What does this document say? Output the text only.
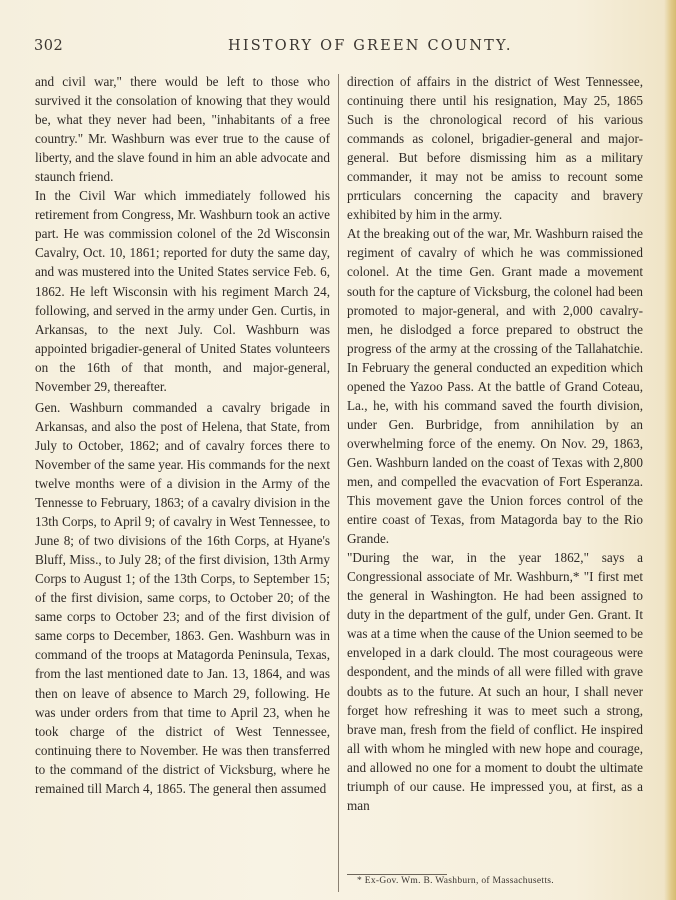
302	HISTORY OF GREEN COUNTY.

and civil war," there would be left to those who survived it the consolation of knowing that they would be, what they never had been, "inhabitants of a free country." Mr. Washburn was ever true to the cause of liberty, and the slave found in him an able advocate and staunch friend.

In the Civil War which immediately followed his retirement from Congress, Mr. Washburn took an active part. He was commission colonel of the 2d Wisconsin Cavalry, Oct. 10, 1861; reported for duty the same day, and was mustered into the United States service Feb. 6, 1862. He left Wisconsin with his regiment March 24, following, and served in the army under Gen. Curtis, in Arkansas, to the next July. Col. Washburn was appointed brigadier-general of United States volunteers on the 16th of that month, and major-general, November 29, thereafter.

Gen. Washburn commanded a cavalry brigade in Arkansas, and also the post of Helena, that State, from July to October, 1862; and of cavalry forces there to November of the same year. His commands for the next twelve months were of a division in the Army of the Tennesse to February, 1863; of a cavalry division in the 13th Corps, to April 9; of cavalry in West Tennessee, to June 8; of two divisions of the 16th Corps, at Hyane's Bluff, Miss., to July 28; of the first division, 13th Army Corps to August 1; of the 13th Corps, to September 15; of the first division, same corps, to October 20; of the same corps to October 23; and of the first division of same corps to December, 1863. Gen. Washburn was in command of the troops at Matagorda Peninsula, Texas, from the last mentioned date to Jan. 13, 1864, and was then on leave of absence to March 29, following. He was under orders from that time to April 23, when he took charge of the district of West Tennessee, continuing there to November. He was then transferred to the command of the district of Vicksburg, where he remained till March 4, 1865. The general then assumed

direction of affairs in the district of West Tennessee, continuing there until his resignation, May 25, 1865 Such is the chronological record of his various commands as colonel, brigadier-general and major-general. But before dismissing him as a military commander, it may not be amiss to recount some prrticulars concerning the capacity and bravery exhibited by him in the army.

At the breaking out of the war, Mr. Washburn raised the regiment of cavalry of which he was commissioned colonel. At the time Gen. Grant made a movement south for the capture of Vicksburg, the colonel had been promoted to major-general, and with 2,000 cavalry-men, he dislodged a force prepared to obstruct the progress of the army at the crossing of the Tallahatchie. In February the general conducted an expedition which opened the Yazoo Pass. At the battle of Grand Coteau, La., he, with his command saved the fourth division, under Gen. Burbridge, from annihilation by an overwhelming force of the enemy. On Nov. 29, 1863, Gen. Washburn landed on the coast of Texas with 2,800 men, and compelled the evacvation of Fort Esperanza. This movement gave the Union forces control of the entire coast of Texas, from Matagorda bay to the Rio Grande.

"During the war, in the year 1862," says a Congressional associate of Mr. Washburn,* "I first met the general in Washington. He had been assigned to duty in the department of the gulf, under Gen. Grant. It was at a time when the cause of the Union seemed to be enveloped in a dark clould. The most courageous were despondent, and the minds of all were filled with grave doubts as to the future. At such an hour, I shall never forget how refreshing it was to meet such a strong, brave man, fresh from the field of conflict. He inspired all with whom he mingled with new hope and courage, and allowed no one for a moment to doubt the ultimate triumph of our cause. He impressed you, at first, as a man

* Ex-Gov. Wm. B. Washburn, of Massachusetts.
